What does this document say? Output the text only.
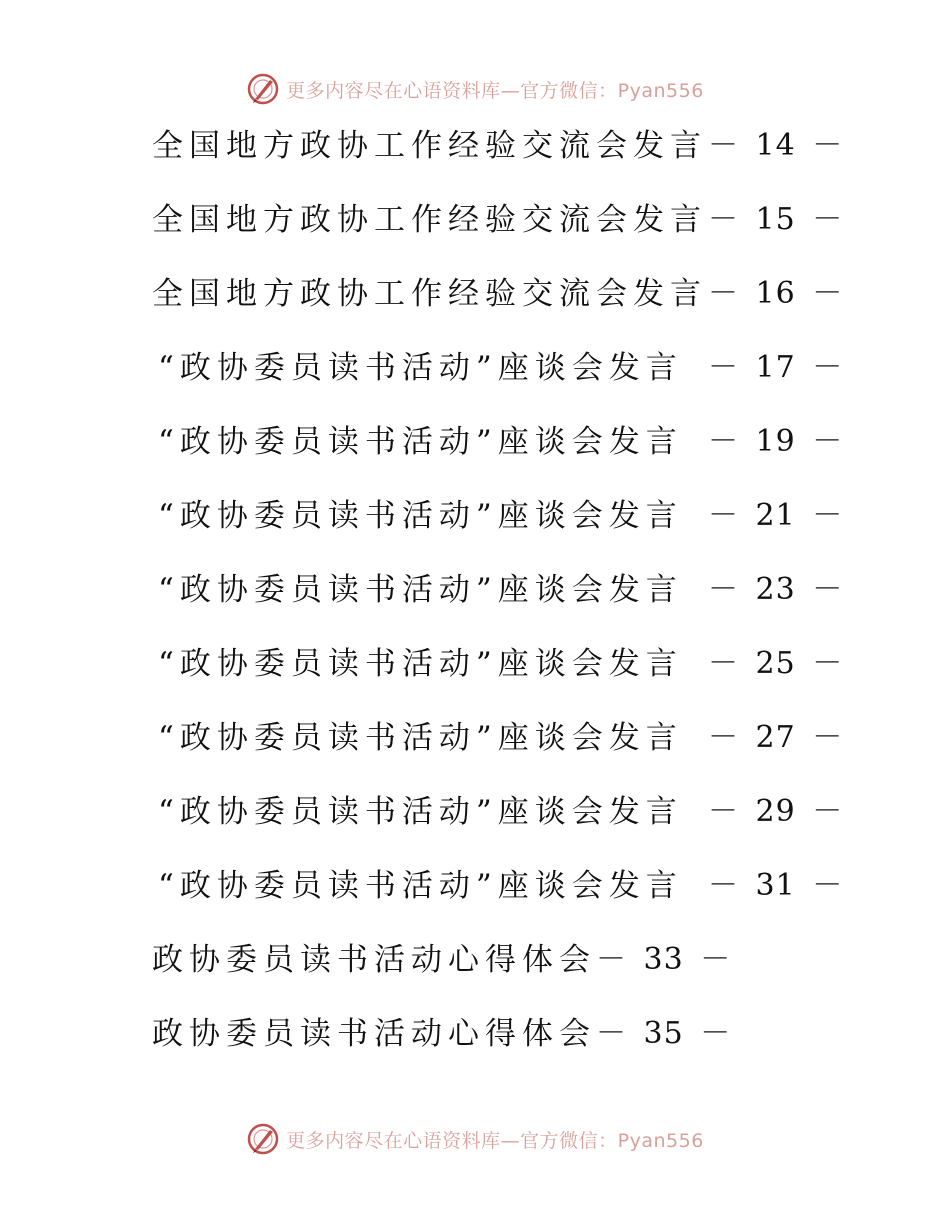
更多内容尽在心语资料库—官方微信：Pyan556
全国地方政协工作经验交流会发言 － 14 －
全国地方政协工作经验交流会发言 － 15 －
全国地方政协工作经验交流会发言 － 16 －
“政协委员读书活动”座谈会发言 － 17 －
“政协委员读书活动”座谈会发言 － 19 －
“政协委员读书活动”座谈会发言 － 21 －
“政协委员读书活动”座谈会发言 － 23 －
“政协委员读书活动”座谈会发言 － 25 －
“政协委员读书活动”座谈会发言 － 27 －
“政协委员读书活动”座谈会发言 － 29 －
“政协委员读书活动”座谈会发言 － 31 －
政协委员读书活动心得体会 － 33 －
政协委员读书活动心得体会 － 35 －
更多内容尽在心语资料库—官方微信：Pyan556
